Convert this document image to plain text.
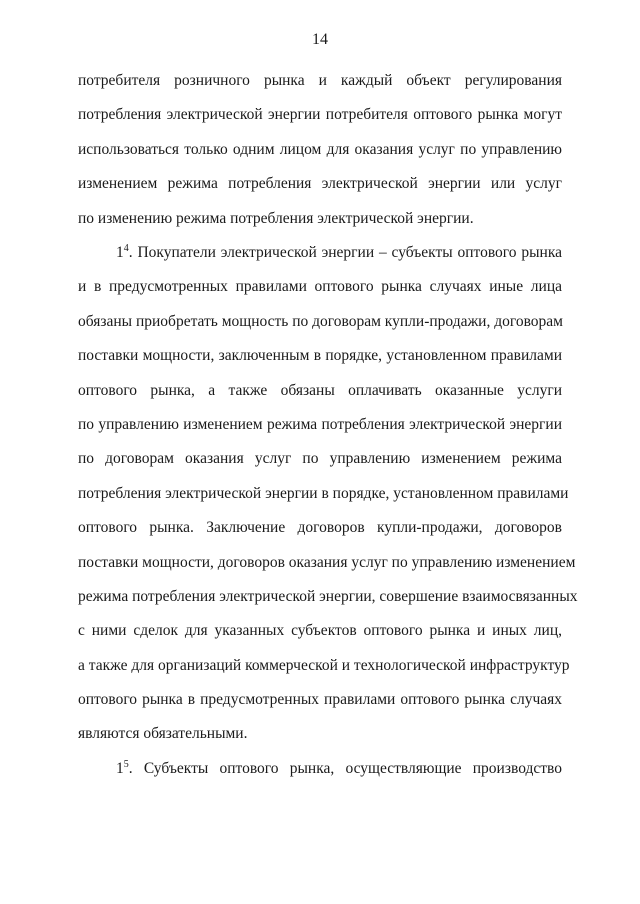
14
потребителя розничного рынка и каждый объект регулирования
потребления электрической энергии потребителя оптового рынка могут
использоваться только одним лицом для оказания услуг по управлению
изменением режима потребления электрической энергии или услуг
по изменению режима потребления электрической энергии.
$1^4$. Покупатели электрической энергии – субъекты оптового рынка
и в предусмотренных правилами оптового рынка случаях иные лица
обязаны приобретать мощность по договорам купли-продажи, договорам
поставки мощности, заключенным в порядке, установленном правилами
оптового рынка, а также обязаны оплачивать оказанные услуги
по управлению изменением режима потребления электрической энергии
по договорам оказания услуг по управлению изменением режима
потребления электрической энергии в порядке, установленном правилами
оптового рынка. Заключение договоров купли-продажи, договоров
поставки мощности, договоров оказания услуг по управлению изменением
режима потребления электрической энергии, совершение взаимосвязанных
с ними сделок для указанных субъектов оптового рынка и иных лиц,
а также для организаций коммерческой и технологической инфраструктур
оптового рынка в предусмотренных правилами оптового рынка случаях
являются обязательными.
$1^5$. Субъекты оптового рынка, осуществляющие производство
